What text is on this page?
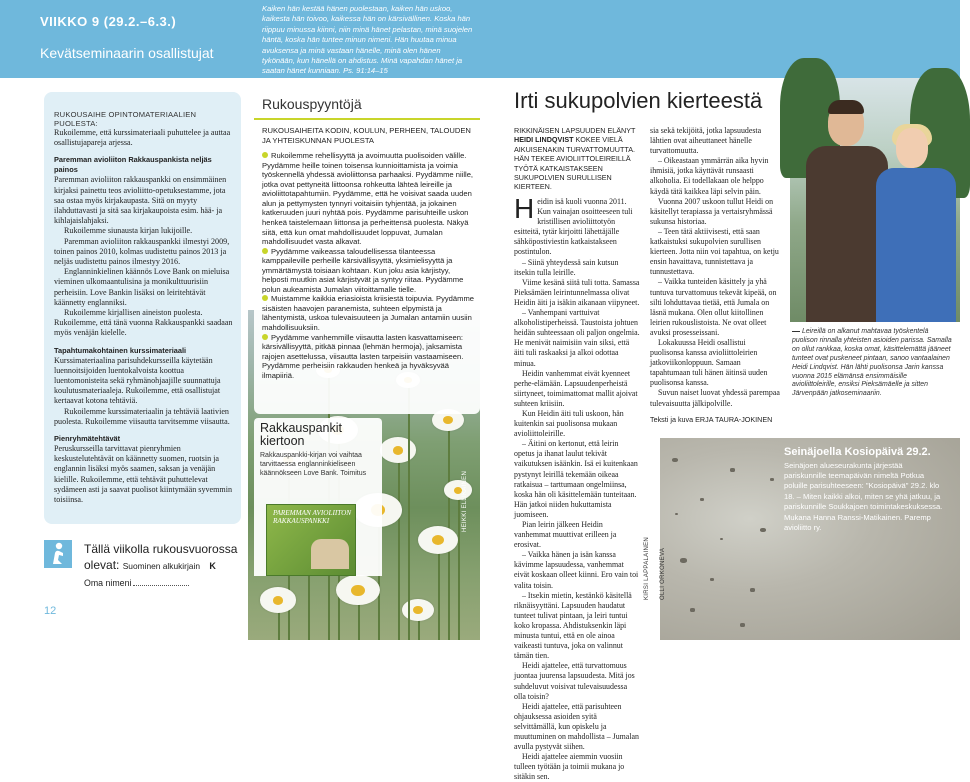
VIIKKO 9 (29.2.–6.3.)
Kevätseminaarin osallistujat
Kaiken hän kestää hänen puolestaan, kaiken hän uskoo, kaikesta hän toivoo, kaikessa hän on kärsivällinen. Koska hän riippuu minussa kiinni, niin minä hänet pelastan, minä suojelen häntä, koska hän tuntee minun nimeni. Hän huutaa minua avuksensa ja minä vastaan hänelle, minä olen hänen tykönään, kun hänellä on ahdistus. Minä vapahdan hänet ja saatan hänet kunniaan. Ps. 91:14–15
RUKOUSAIHE OPINTOMATERIAALIEN PUOLESTA:

Rukoilemme, että kurssimateriaali puhuttelee ja auttaa osallistujapareja arjessa.

Paremman avioliiton Rakkauspankista neljäs painos

Paremman avioliiton rakkauspankki on ensimmäinen kirjaksi painettu teos avioliitto-opetuksestamme, jota saa ostaa myös kirjakaupasta. Sitä on myyty ilahduttavasti ja sitä saa kirjakaupoista esim. hää- ja kihlajaislahjaksi.

Rukoilemme siunausta kirjan lukijoille.

Paremman avioliiton rakkauspankki ilmestyi 2009, toinen painos 2010, kolmas uudistettu painos 2013 ja neljäs uudistettu painos ilmestyy 2016.

Englanninkielinen käännös Love Bank on mieluisa vieminen ulkomaantulisina ja monikulttuurisiin perheisiin. Love Bankin lisäksi on leiritehtävät käännetty englanniksi.

Rukoilemme kirjallisen aineiston puolesta. Rukoilemme, että tänä vuonna Rakkauspankki saadaan myös venäjän kielelle.

Tapahtumakohtainen kurssimateriaali

Kurssimateriaalina parisuhdekursseilla käytetään luennoitsijoiden luentokalvoista koottua luentomonisteita sekä ryhmänohjaajille suunnattuja koulutusmateriaaleja. Rukoilemme, että osallistujat kertaavat kotona tehtäviä.

Rukoilemme kurssimateriaalin ja tehtäviä laativien puolesta. Rukoilemme viisautta tarvitsemme viisautta.

Pienryhmätehtävät

Peruskursseilla tarvittavat pienryhmien keskustelutehtävät on käännetty suomen, ruotsin ja englannin lisäksi myös saamen, saksan ja venäjän kielille. Rukoilemme, että tehtävät puhuttelevat sydämeen asti ja saavat puolisot kiintymään syvemmin toisiinsa.

Tällä viikolla rukousvuorossa
olevat: Suominen alkukirjain K
Oma nimeni
12
Rukouspyyntöjä
RUKOUSAIHEITA KODIN, KOULUN, PERHEEN, TALOUDEN JA YHTEISKUNNAN PUOLESTA
Rukoilemme rehellisyyttä ja avoimuutta puolisoiden välille. Pyydämme heille toinen toisensa kunnioittamista ja voimia työskennellä yhdessä avioliittonsa parhaaksi. Pyydämme niille, jotka ovat pettyneitä liittoonsa rohkeutta lähteä leireille ja avioliittotapahtumiin. Pyydämme, että he voisivat saada uuden alun ja pettymysten tynnyri voitaisiin tyhjentää, ja jokainen katkeruuden juuri nyhtää pois. Pyydämme parisuhteille uskon henkeä taistelemaan liittonsa ja perheittensä puolesta. Näkyä siitä, että kun omat mahdollisuudet loppuvat, Jumalan mahdollisuudet vasta alkavat.
Pyydämme vaikeassa taloudellisessa tilanteessa kamppaileville perheille kärsivällisyyttä, yksimielisyyttä ja ymmärtämystä toisiaan kohtaan. Kun joku asia kärjistyy, helposti muutkin asiat kärjistyvät ja syntyy riitaa. Pyydämme polun aukeamista Jumalan viitoittamalle tielle.
Muistamme kaikkia eriasioista kriisiestä toipuvia. Pyydämme sisäisten haavojen paranemista, suhteen elpymistä ja lähentymistä, uskoa tulevaisuuteen ja Jumalan antamiin uusiin mahdollisuuksiin.
Pyydämme vanhemmille viisautta lasten kasvattamiseen: kärsivällisyyttä, pitkää pinnaa (lehmän hermoja), jaksamista rajojen asettelussa, viisautta lasten tarpeisiin vastaamiseen. Pyydämme perheisiin rakkauden henkeä ja hyväksyvää ilmapiiriä.
Rakkauspankit kiertoon
Rakkauspankki-kirjan voi vaihtaa tarvittaessa englanninkieliseen käännökseen Love Bank. Toimitus
PAREMMAN AVIOLIITON RAKKAUSPANKKI	HEIKKI ELLIKAINEN
Irti sukupolvien kierteestä
RIKKINÄISEN LAPSUUDEN ELÄNYT HEIDI LINDQVIST KOKEE VIELÄ AIKUISENAKIN TURVATTOMUUTTA. HÄN TEKEE AVIOLIITTOLEIREILLÄ TYÖTÄ KATKAISTAKSEEN SUKUPOLVIEN SURULLISEN KIERTEEN.

Heidin isä kuoli vuonna 2011. Kun vainajan osoitteeseen tuli kristillisen avioliittotyön esitteitä, tytär kirjoitti lähettäjälle sähköpostiviestin katkaistakseen postintulon.

– Siinä yhteydessä sain kutsun itsekin tulla leirille.

Viime kesänä siitä tuli totta. Samassa Pieksämäen leirintunnelmassa olivat Heidin äiti ja isäkin aikanaan viipyneet.

– Vanhempani varttuivat alkoholistiperheissä. Taustoista johtuen heidän suhteessaan oli paljon ongelmia. He menivät naimisiin vain siksi, että äiti tuli raskaaksi ja alkoi odottaa minua.

Heidin vanhemmat eivät kyenneet perhe-elämään. Lapsuudenperheistä siirtyneet, toimimattomat mallit ajoivat suhteen kriisiin.

Kun Heidin äiti tuli uskoon, hän kuitenkin sai puolisonsa mukaan avioliittoleirille.

– Äitini on kertonut, että leirin opetus ja ihanat laulut tekivät vaikutuksen isäänkin. Isä ei kuitenkaan pystynyt leirillä tekemään oikeaa ratkaisua – tarttumaan ongelmiinsa, koska hän oli käsittelemään tunteitaan. Hän jatkoi niiden hukuttamista juomiseen.

Pian leirin jälkeen Heidin vanhemmat muuttivat erilleen ja erosivat.

– Vaikka hänen ja isän kanssa kävimme lapsuudessa, vanhemmat eivät koskaan olleet kiinni. Ero vain toi valita toisin.

– Itsekin mietin, kestänkö käsitellä riknäisyyttäni. Lapsuuden haudatut tunteet tulivat pintaan, ja leiri tuntui koko kropassa. Ahdistuksenkin läpi minusta tuntui, että en ole ainoa vaikeasti tuntuva, joka on valinnut tämän tien.

Heidi ajattelee, että turvattomuus juontaa juurensa lapsuudesta. Mitä jos suhdeluvut voisivat tulevaisuudessa olla toisin?

Heidi ajattelee, että parisuhteen ohjauksessa asioiden syitä selvittämällä, kun opiskelu ja muuttuminen on mahdollista – Jumalan avulla pystyvät siihen.

Heidi ajattelee aiemmin vuosiin tulleen työtään ja toimii mukana jo sitäkin sen.

sia sekä tekijöitä, jotka lapsuudesta lähtien ovat aiheuttaneet hänelle turvattomuutta.

– Oikeastaan ymmärrän aika hyvin ihmisiä, jotka käyttävät runsaasti alkoholia. Ei todellakaan ole helppo käydä tätä kaikkea läpi selvin päin.

Vuonna 2007 uskoon tullut Heidi on käsitellyt terapiassa ja vertaisryhmässä sukunsa historiaa.

– Teen tätä aktiivisesti, että saan katkaistuksi sukupolvien surullisen kierteen. Jotta niin voi tapahtua, on ketju ensin havaittava, tunnistettava ja tunnustettava.

– Vaikka tunteiden käsittely ja yhä tuntuva turvattomuus tekevät kipeää, on silti lohduttavaa tietää, että Jumala on läsnä mukana. Olen ollut kiitollinen leirien rukouslistoista. Ne ovat olleet avuksi prosesseissani.

Lokakuussa Heidi osallistui puolisonsa kanssa avioliittoleirien jatkoviikonloppuun. Samaan tapahtumaan tuli hänen äitinsä uuden puolisonsa kanssa.

Suvun naiset luovat yhdessä parempaa tulevaisuutta jälkipolville.

Teksti ja kuva ERJA TAURA-JOKINEN
Leireillä on alkanut mahtavaa työskentelä puolison rinnalla yhteisten asioiden parissa. Samalla on ollut rankkaa, koska omat, käsittelemättä jääneet tunteet ovat puskeneet pintaan, sanoo vantaalainen Heidi Lindqvist. Hän lähti puolisonsa Jarin kanssa vuonna 2015 elämänsä ensimmäisille avioliittoleirille, ensiksi Pieksämäelle ja sitten Järvenpään jatkoseminaariin.
Seinäjoella Kosiopäivä 29.2.
Seinäjoen alueseurakunta järjestää pariskunnille teemapäivän nimeltä Potkua poluille parisuhteeseen: "Kosiopäivä" 29.2. klo 18. – Miten kaikki alkoi, miten se yhä jatkuu, ja pariskunnille Soukkajoen toimintakeskuksessa. Mukana Hanna Ranssi-Matikainen. Paremp avioliitto ry.
OLLI ORKONEVA
KIRSI LAPPALAINEN
